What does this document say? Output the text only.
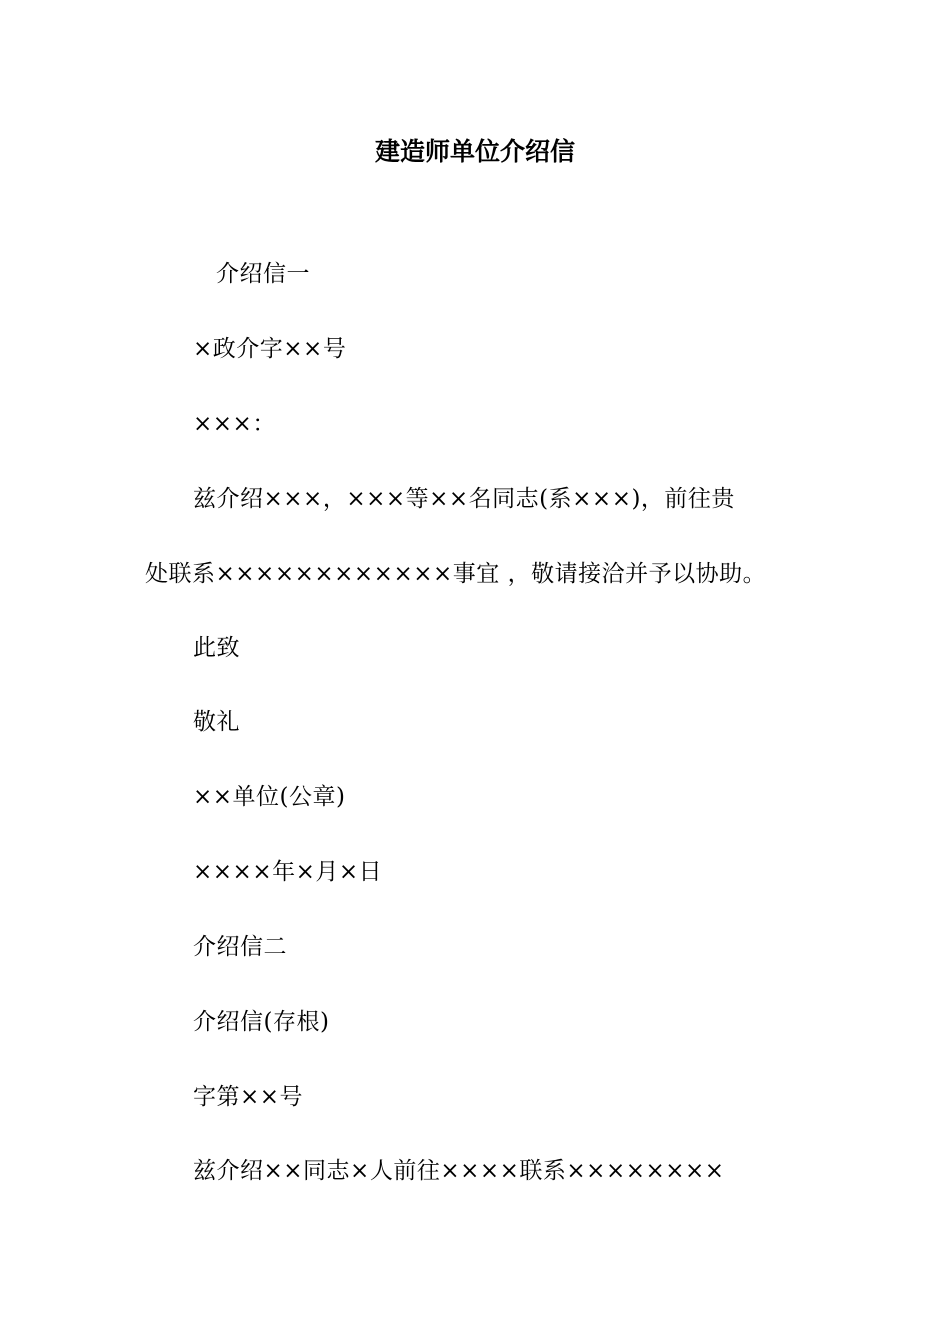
建造师单位介绍信
介绍信一
×政介字××号
×××：
兹介绍×××，×××等××名同志(系×××)，前往贵
处联系××××××××××××事宜 ，敬请接洽并予以协助。
此致
敬礼
××单位(公章)
××××年×月×日
介绍信二
介绍信(存根)
字第××号
兹介绍××同志×人前往××××联系××××××××
